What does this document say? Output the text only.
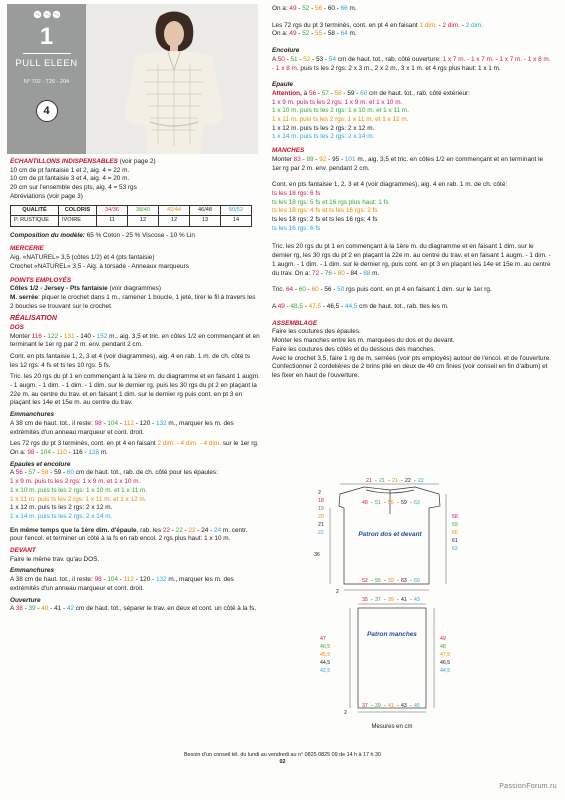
1
PULL ELEEN
N° 702 - T26 - 204
4
ÉCHANTILLONS INDISPENSABLES (voir page 2)
10 cm de pt fantaisie 1 et 2, aig. 4 = 22 m.
10 cm de pt fantaisie 3 et 4, aig. 4 = 20 m.
20 cm sur l'ensemble des pts, aig. 4 = 53 rgs
Abréviations (voir page 3)
QUALITÉ	COLORIS	34/36	38/40	42/44	46/48	50/52
P. RUSTIQUE	IVOIRE	11	12	12	13	14
Composition du modèle: 65 % Coton - 25 % Viscose - 10 % Lin
MERCERIE
Aig. «NATUREL» 3,5 (côtes 1/2) et 4 (pts fantaisie)
Crochet «NATUREL» 3,5 - Aig. à torsade - Anneaux marqueurs
POINTS EMPLOYÉS
Côtes 1/2 - Jersey - Pts fantaisie (voir diagrammes)

M. serrée: piquer le crochet dans 1 m., ramener 1 boucle, 1 jeté, tirer le fil à travers les 2 boucles se trouvant sur le crochet.

RÉALISATION
DOS

Monter 116 - 122 - 131 - 140 - 152 m., aig. 3,5 et tric. en côtes 1/2 en commençant et en terminant le 1er rg par 2 m. env. pendant 2 cm.

Cont. en pts fantaisie 1, 2, 3 et 4 (voir diagrammes), aig. 4 en rab. 1 m. de ch. côté ts les 12 rgs: 4 fs et ts les 10 rgs: 5 fs.

Tric. les 20 rgs du pt 1 en commençant à la 1ère m. du diagramme et en faisant 1 augm. - 1 augm. - 1 dim. - 1 dim. - 1 dim. sur le dernier rg, puis les 30 rgs du pt 2 en plaçant la 22e m. au centre du trav. et en faisant 1 dim. sur le dernier rg puis cont. en pt 3 en plaçant les 14e et 15e m. au centre du trav.

Emmanchures

A 38 cm de haut. tot., il reste: 98 - 104 - 112 - 120 - 132 m., marquer les m. des extrémités d'un anneau marqueur et cont. droit.

Les 72 rgs du pt 3 terminés, cont. en pt 4 en faisant 2 dim. - 4 dim. - 4 dim. sur le 1er rg.
On a: 98 - 104 - 110 - 116 - 128 m.

Epaules et encolure
A 56 - 57 - 58 - 59 - 60 cm de haut. tot., rab. de ch. côté pour les épaules:
1 x 9 m. puis ts les 2 rgs: 1 x 9 m. et 1 x 10 m.
1 x 10 m. puis ts les 2 rgs: 1 x 10 m. et 1 x 11 m.
1 x 11 m. puis ts les 2 rgs: 1 x 11 m. et 1 x 12 m.
1 x 12 m. puis ts les 2 rgs: 2 x 12 m.
1 x 14 m. puis ts les 2 rgs: 2 x 14 m.

En même temps que la 1ère dim. d'épaule, rab. les 22 - 22 - 22 - 24 - 24 m. centr. pour l'encol. et terminer un côté à la fs en rab encol. 2 rgs plus haut: 1 x 10 m.

DEVANT

Faire le même trav. qu'au DOS.

Emmanchures

A 38 cm de haut. tot., il reste: 98 - 104 - 112 - 120 - 132 m., marquer les m. des extrémités d'un anneau marqueur et cont. droit.

Ouverture

A 38 - 39 - 40 - 41 - 42 cm de haut. tot., séparer le trav. en deux et cont. un côté à la fs.

On a: 49 - 52 - 56 - 60 - 66 m.

Les 72 rgs du pt 3 terminés, cont. en pt 4 en faisant 1 dim. - 2 dim. - 2 dim.
On a: 49 - 52 - 55 - 58 - 64 m.

Encolure

A 50 - 51 - 52 - 53 - 54 cm de haut. tot., rab. côté ouverture: 1 x 7 m. - 1 x 7 m. - 1 x 7 m. - 1 x 8 m. - 1 x 8 m. puis ts les 2 rgs: 2 x 3 m., 2 x 2 m., 3 x 1 m. et 4 rgs plus haut: 1 x 1 m.

Epaule
Attention, à 56 - 57 - 58 - 59 - 60 cm de haut. tot., rab. côté extérieur:
1 x 9 m. puis ts les 2 rgs: 1 x 9 m. et 1 x 10 m.
1 x 10 m. puis ts les 2 rgs: 1 x 10 m. et 1 x 11 m.
1 x 11 m. puis ts les 2 rgs: 1 x 11 m. et 1 x 12 m.
1 x 12 m. puis ts les 2 rgs: 2 x 12 m.
1 x 14 m. puis ts les 2 rgs: 2 x 14 m.
MANCHES

Monter 83 - 89 - 92 - 95 - 101 m., aig. 3,5 et tric. en côtes 1/2 en commençant et en terminant le 1er rg par 2 m. env. pendant 2 cm.

Cont. en pts fantaisie 1, 2, 3 et 4 (voir diagrammes), aig. 4 en rab. 1 m. de ch. côté:
ts les 18 rgs: 6 fs
ts les 18 rgs: 5 fs et 16 rgs plus haut: 1 fs
ts les 18 rgs: 4 fs et ts les 16 rgs: 2 fs
ts les 18 rgs: 2 fs et ts les 16 rgs: 4 fs
ts les 16 rgs: 6 fs

Tric. les 20 rgs du pt 1 en commençant à la 1ère m. du diagramme et en faisant 1 dim. sur le dernier rg, les 30 rgs du pt 2 en plaçant la 22e m. au centre du trav. et en faisant 1 augm. - 1 dim. - 1 augm. - 1 dim. - 1 dim. sur le dernier rg, puis cont. en pt 3 en plaçant les 14e et 15e m. au centre du trav. On a: 72 - 76 - 80 - 84 - 88 m.

Tric. 64 - 60 - 60 - 56 - 50 rgs puis cont. en pt 4 en faisant 1 dim. sur le 1er rg.

A 49 - 48,5 - 47,5 - 46,5 - 44,5 cm de haut. tot., rab. ttes les m.

ASSEMBLAGE
Faire les coutures des épaules.
Monter les manches entre les m. marquées du dos et du devant.
Faire les coutures des côtés et du dessous des manches.
Avec le crochet 3,5, faire 1 rg de m. serrées (voir pts employés) autour de l'encol. et de l'ouverture.
Confectionner 2 cordelières de 2 brins plié en deux de 40 cm finies (voir conseil en fin d'album) et les fixer en haut de l'ouverture.
21 - 21 - 21 - 22 - 22
2
18
19
20
21
22
48 - 51 - 55 - 59 - 63
58
59
60
61
62
36
52 - 55 - 59 - 63 - 69
2
35 - 37 - 39 - 41 - 43
47
46,5
45,5
44,5
42,5
49
48
47,5
46,5
44,5
37 - 39 - 41 - 43 - 45
2
Patron dos et devant
Patron manches
Mesures en cm
Besoin d'un conseil tél. du lundi au vendredi au n° 0825 0825 09 de 14 h à 17 h 30
02
PassionForum.ru
